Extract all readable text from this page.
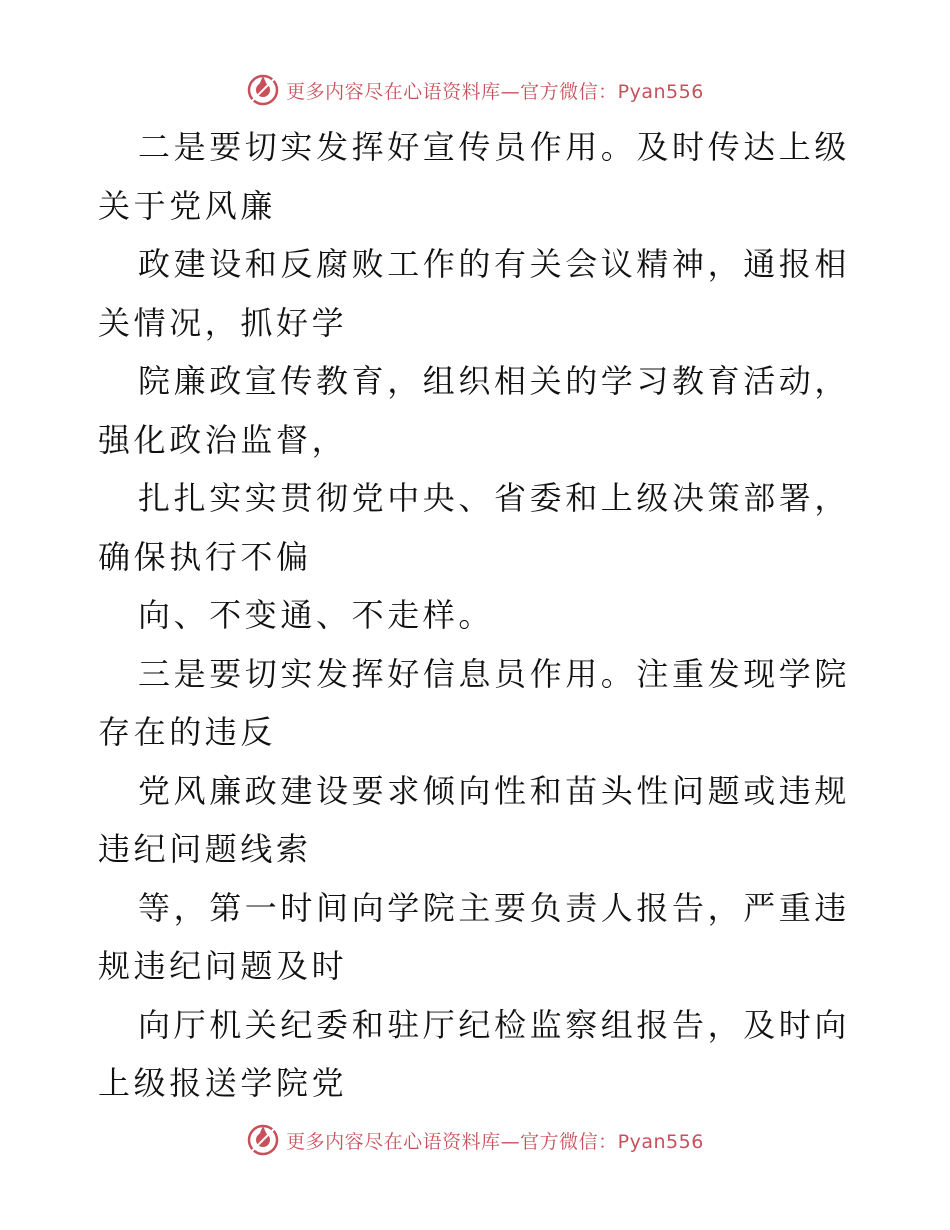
更多内容尽在心语资料库—官方微信：Pyan556

二是要切实发挥好宣传员作用。及时传达上级关于党风廉

政建设和反腐败工作的有关会议精神，通报相关情况，抓好学

院廉政宣传教育，组织相关的学习教育活动，强化政治监督，

扎扎实实贯彻党中央、省委和上级决策部署，确保执行不偏

向、不变通、不走样。

三是要切实发挥好信息员作用。注重发现学院存在的违反

党风廉政建设要求倾向性和苗头性问题或违规违纪问题线索

等，第一时间向学院主要负责人报告，严重违规违纪问题及时

向厅机关纪委和驻厅纪检监察组报告，及时向上级报送学院党

更多内容尽在心语资料库—官方微信：Pyan556
